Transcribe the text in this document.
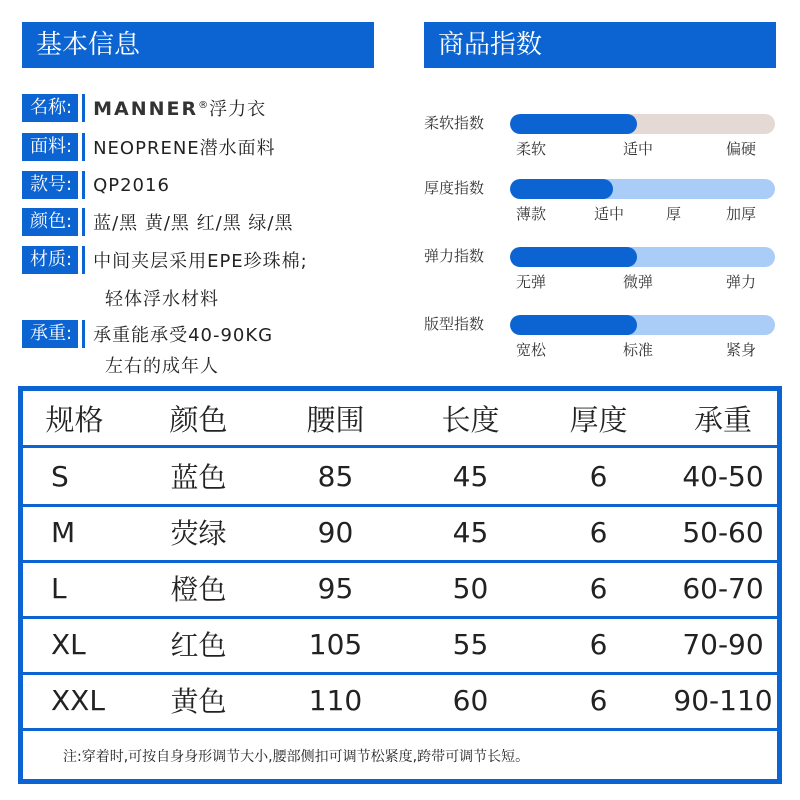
基本信息	商品指数
名称:	MANNER®浮力衣
面料:	NEOPRENE潜水面料
款号:	QP2016
颜色:	蓝/黑 黄/黑 红/黑 绿/黑
材质:	中间夹层采用EPE珍珠棉;
轻体浮水材料
承重:	承重能承受40-90KG
左右的成年人
柔软指数
柔软	适中	偏硬
厚度指数
薄款	适中	厚	加厚
弹力指数
无弹	微弹	弹力
版型指数
宽松	标准	紧身
规格	颜色	腰围	长度	厚度	承重
S	蓝色	85	45	6	40-50
M	荧绿	90	45	6	50-60
L	橙色	95	50	6	60-70
XL	红色	105	55	6	70-90
XXL	黄色	110	60	6	90-110
注:穿着时,可按自身身形调节大小,腰部侧扣可调节松紧度,跨带可调节长短。
